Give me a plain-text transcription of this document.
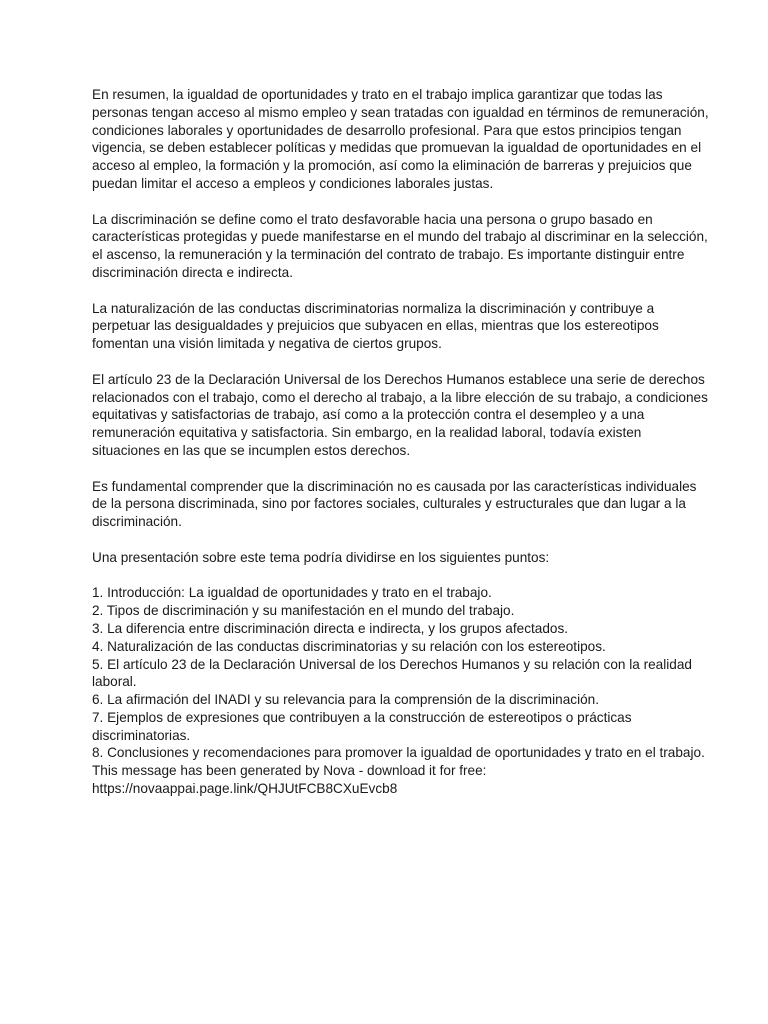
En resumen, la igualdad de oportunidades y trato en el trabajo implica garantizar que todas las personas tengan acceso al mismo empleo y sean tratadas con igualdad en términos de remuneración, condiciones laborales y oportunidades de desarrollo profesional. Para que estos principios tengan vigencia, se deben establecer políticas y medidas que promuevan la igualdad de oportunidades en el acceso al empleo, la formación y la promoción, así como la eliminación de barreras y prejuicios que puedan limitar el acceso a empleos y condiciones laborales justas.

La discriminación se define como el trato desfavorable hacia una persona o grupo basado en características protegidas y puede manifestarse en el mundo del trabajo al discriminar en la selección, el ascenso, la remuneración y la terminación del contrato de trabajo. Es importante distinguir entre discriminación directa e indirecta.

La naturalización de las conductas discriminatorias normaliza la discriminación y contribuye a perpetuar las desigualdades y prejuicios que subyacen en ellas, mientras que los estereotipos fomentan una visión limitada y negativa de ciertos grupos.

El artículo 23 de la Declaración Universal de los Derechos Humanos establece una serie de derechos relacionados con el trabajo, como el derecho al trabajo, a la libre elección de su trabajo, a condiciones equitativas y satisfactorias de trabajo, así como a la protección contra el desempleo y a una remuneración equitativa y satisfactoria. Sin embargo, en la realidad laboral, todavía existen situaciones en las que se incumplen estos derechos.

Es fundamental comprender que la discriminación no es causada por las características individuales de la persona discriminada, sino por factores sociales, culturales y estructurales que dan lugar a la discriminación.

Una presentación sobre este tema podría dividirse en los siguientes puntos:

1. Introducción: La igualdad de oportunidades y trato en el trabajo.
2. Tipos de discriminación y su manifestación en el mundo del trabajo.
3. La diferencia entre discriminación directa e indirecta, y los grupos afectados.
4. Naturalización de las conductas discriminatorias y su relación con los estereotipos.
5. El artículo 23 de la Declaración Universal de los Derechos Humanos y su relación con la realidad laboral.
6. La afirmación del INADI y su relevancia para la comprensión de la discriminación.
7. Ejemplos de expresiones que contribuyen a la construcción de estereotipos o prácticas discriminatorias.
8. Conclusiones y recomendaciones para promover la igualdad de oportunidades y trato en el trabajo.

This message has been generated by Nova - download it for free:

https://novaappai.page.link/QHJUtFCB8CXuEvcb8
